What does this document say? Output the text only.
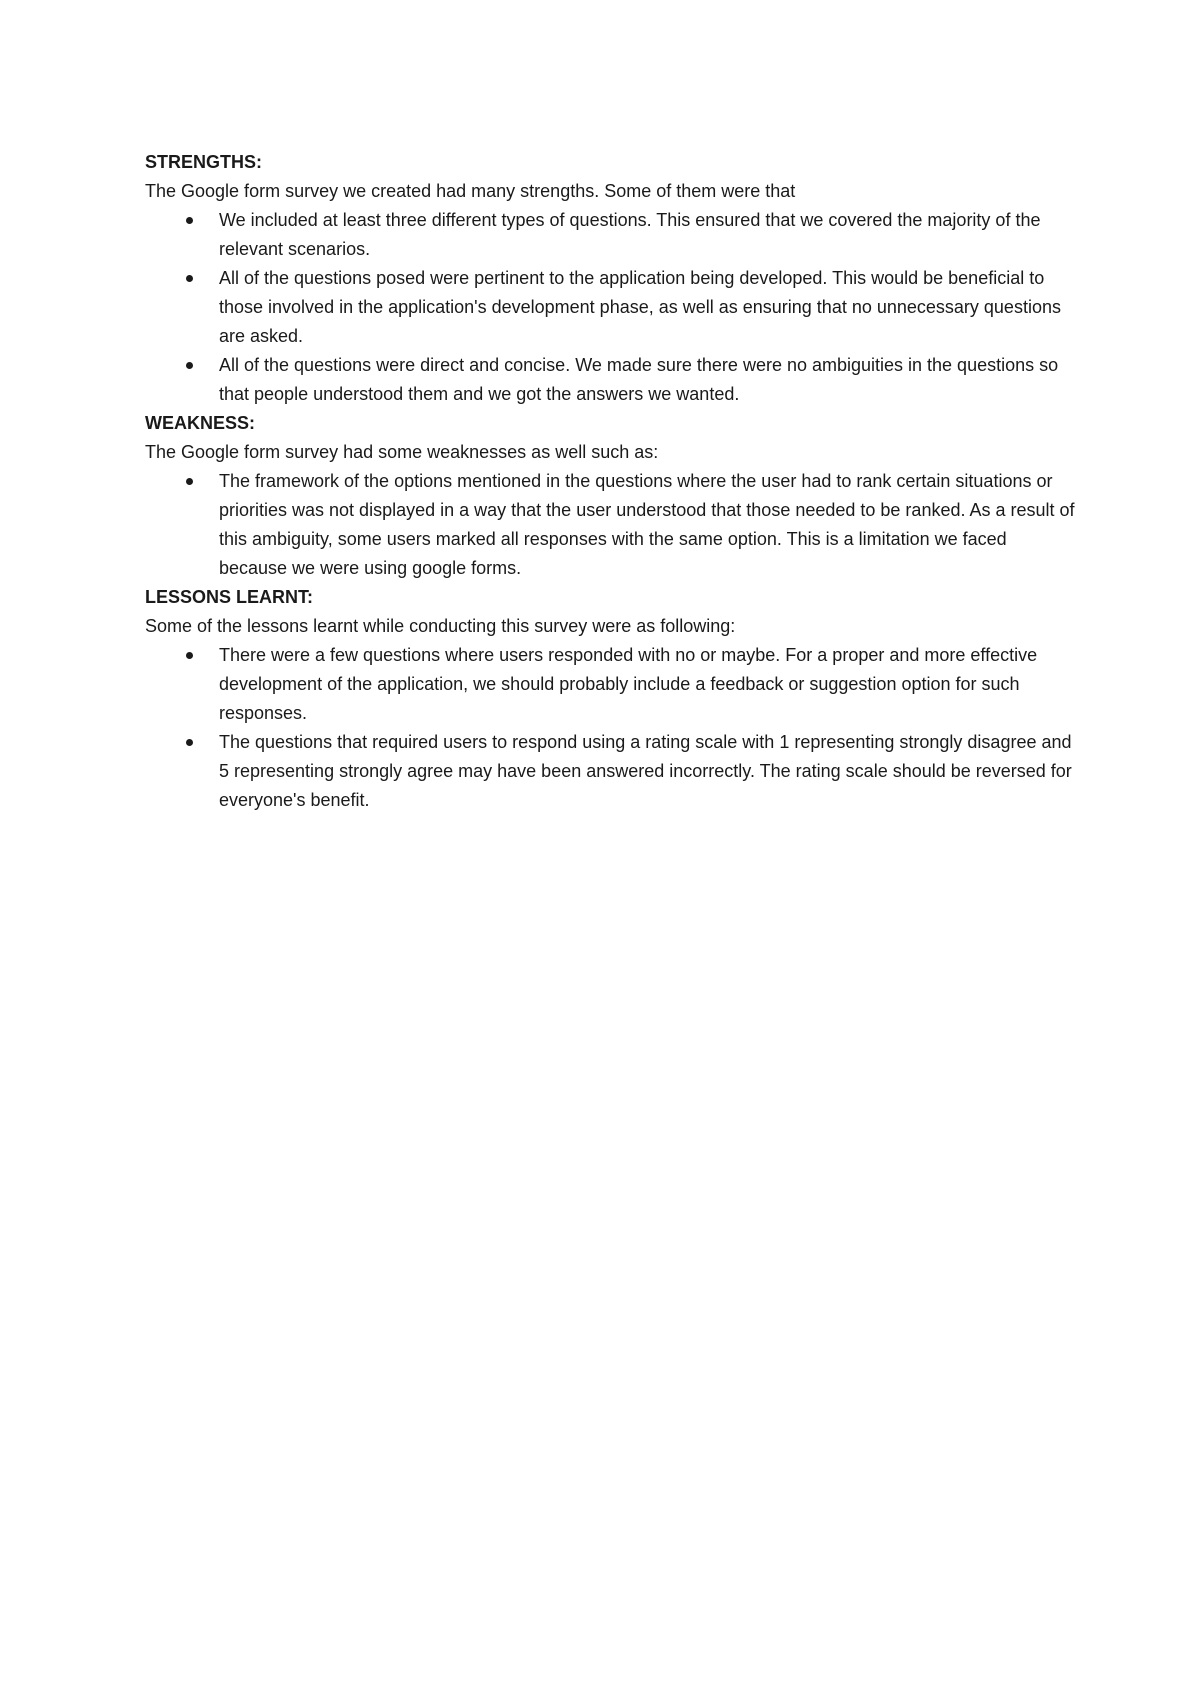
STRENGTHS:

The Google form survey we created had many strengths. Some of them were that

We included at least three different types of questions. This ensured that we covered the majority of the relevant scenarios.
All of the questions posed were pertinent to the application being developed. This would be beneficial to those involved in the application's development phase, as well as ensuring that no unnecessary questions are asked.
All of the questions were direct and concise. We made sure there were no ambiguities in the questions so that people understood them and we got the answers we wanted.

WEAKNESS:

The Google form survey had some weaknesses as well such as:

The framework of the options mentioned in the questions where the user had to rank certain situations or priorities was not displayed in a way that the user understood that those needed to be ranked. As a result of this ambiguity, some users marked all responses with the same option. This is a limitation we faced because we were using google forms.

LESSONS LEARNT:

Some of the lessons learnt while conducting this survey were as following:

There were a few questions where users responded with no or maybe. For a proper and more effective development of the application, we should probably include a feedback or suggestion option for such responses.
The questions that required users to respond using a rating scale with 1 representing strongly disagree and 5 representing strongly agree may have been answered incorrectly. The rating scale should be reversed for everyone's benefit.
